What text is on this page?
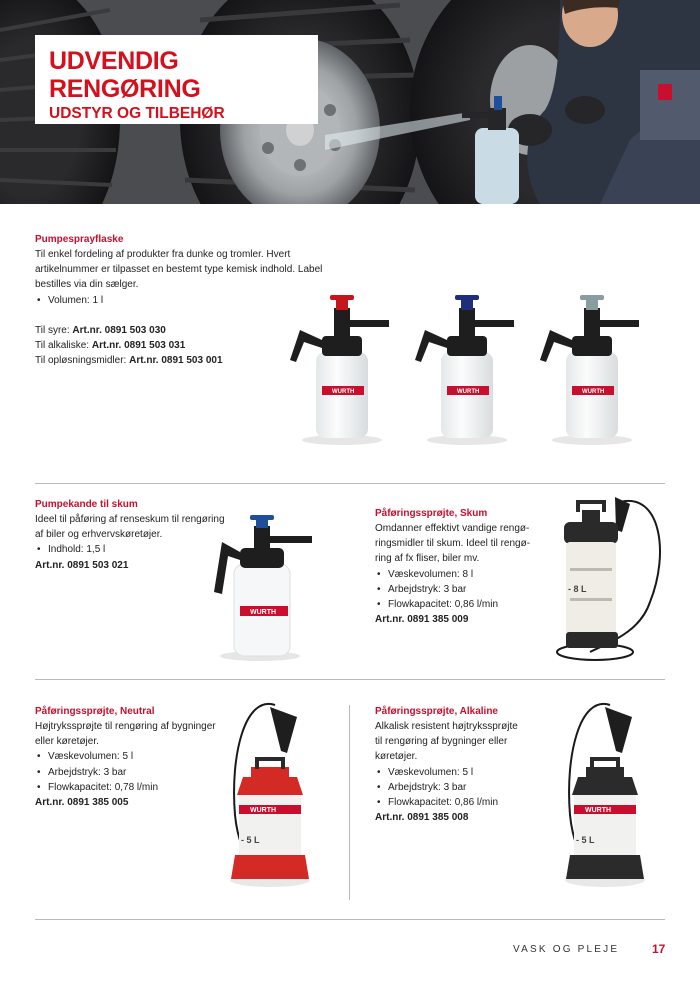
UDVENDIG RENGØRING
UDSTYR OG TILBEHØR
Pumpesprayflaske
Til enkel fordeling af produkter fra dunke og tromler. Hvert
artikelnummer er tilpasset en bestemt type kemisk indhold. Label
bestilles via din sælger.
• Volumen: 1 l
Til syre: Art.nr. 0891 503 030
Til alkaliske: Art.nr. 0891 503 031
Til opløsningsmidler: Art.nr. 0891 503 001
WURTH	WURTH	WURTH
Pumpekande til skum
Ideel til påføring af renseskum til rengøring
af biler og erhvervskøretøjer.
• Indhold: 1,5 l
Art.nr. 0891 503 021
WURTH
Påføringssprøjte, Skum
Omdanner effektivt vandige rengø-
ringsmidler til skum. Ideel til rengø-
ring af fx fliser, biler mv.
• Væskevolumen: 8 l
• Arbejdstryk: 3 bar
• Flowkapacitet: 0,86 l/min
Art.nr. 0891 385 009
- 8 L
Påføringssprøjte, Neutral
Højtrykssprøjte til rengøring af bygninger
eller køretøjer.
• Væskevolumen: 5 l
• Arbejdstryk: 3 bar
• Flowkapacitet: 0,78 l/min
Art.nr. 0891 385 005
WURTH
- 5 L
Påføringssprøjte, Alkaline
Alkalisk resistent højtrykssprøjte
til rengøring af bygninger eller
køretøjer.
• Væskevolumen: 5 l
• Arbejdstryk: 3 bar
• Flowkapacitet: 0,86 l/min
Art.nr. 0891 385 008
WURTH
- 5 L
VASK OG PLEJE	17
